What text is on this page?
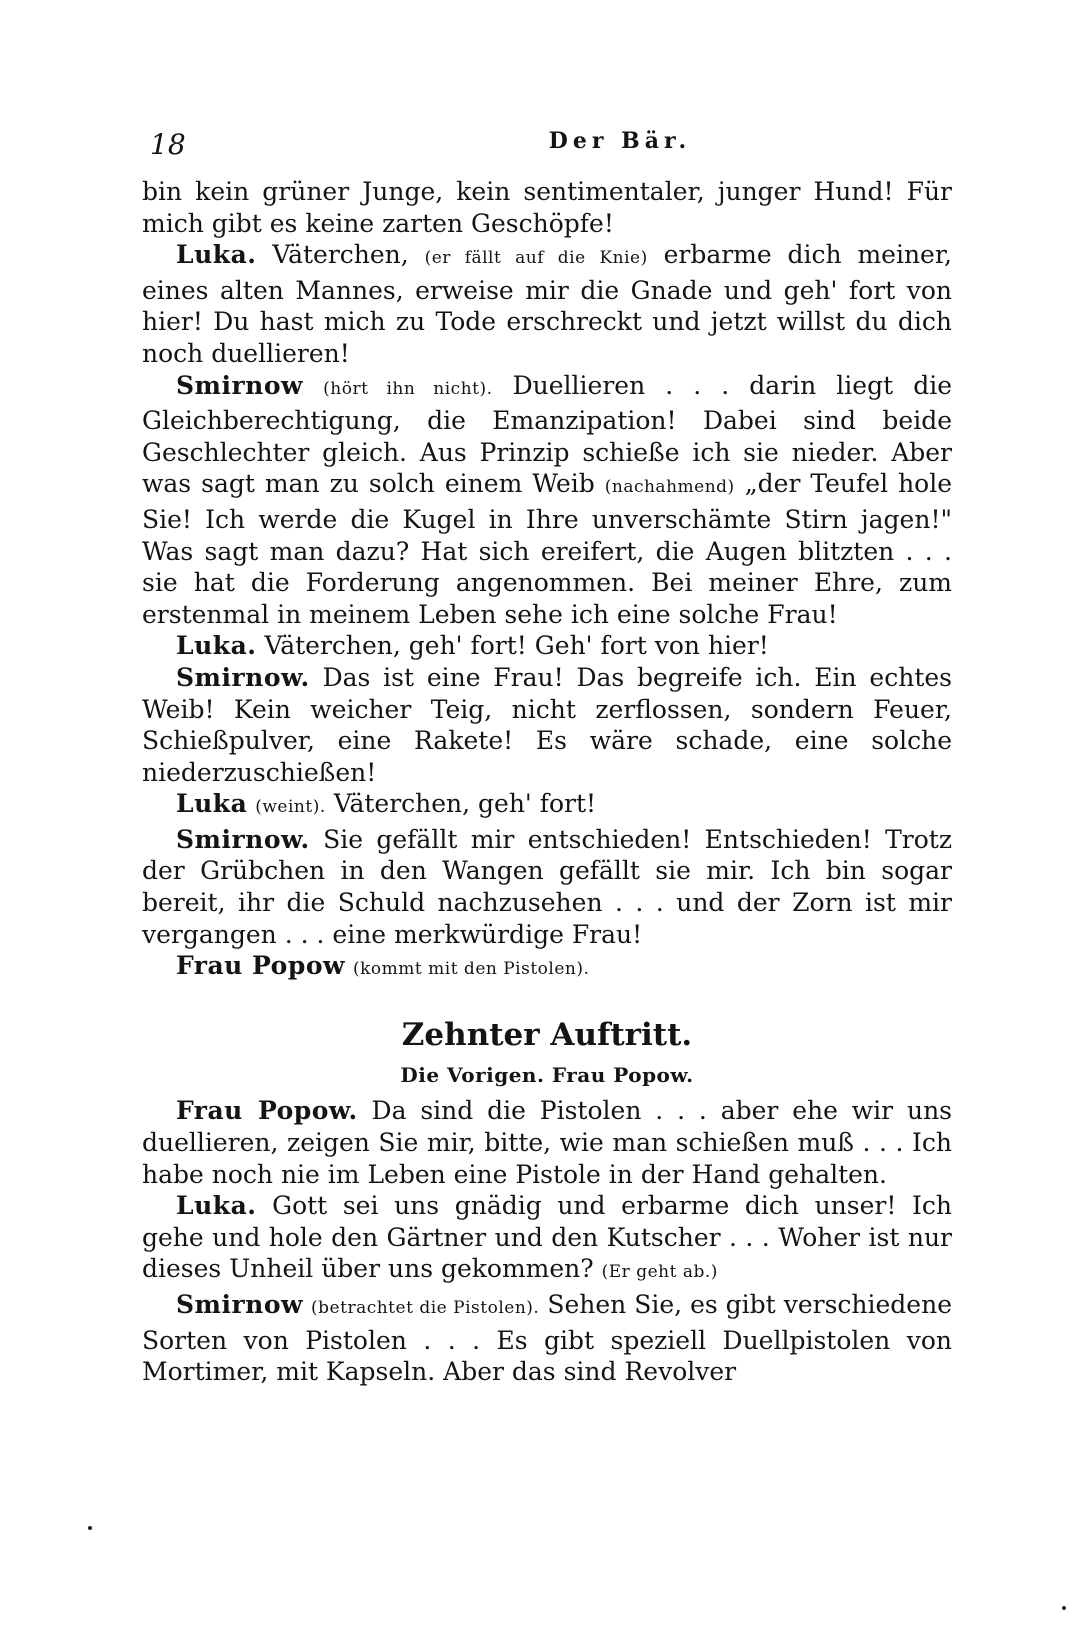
18	Der Bär.

bin kein grüner Junge, kein sentimentaler, junger Hund! Für mich gibt es keine zarten Geschöpfe!

Luka. Väterchen, (er fällt auf die Knie) erbarme dich meiner, eines alten Mannes, erweise mir die Gnade und geh' fort von hier! Du hast mich zu Tode erschreckt und jetzt willst du dich noch duellieren!

Smirnow (hört ihn nicht). Duellieren . . . darin liegt die Gleichberechtigung, die Emanzipation! Dabei sind beide Geschlechter gleich. Aus Prinzip schieße ich sie nieder. Aber was sagt man zu solch einem Weib (nachahmend) „der Teufel hole Sie! Ich werde die Kugel in Ihre unverschämte Stirn jagen!" Was sagt man dazu? Hat sich ereifert, die Augen blitzten . . . sie hat die Forderung angenommen. Bei meiner Ehre, zum erstenmal in meinem Leben sehe ich eine solche Frau!

Luka. Väterchen, geh' fort! Geh' fort von hier!

Smirnow. Das ist eine Frau! Das begreife ich. Ein echtes Weib! Kein weicher Teig, nicht zerflossen, sondern Feuer, Schießpulver, eine Rakete! Es wäre schade, eine solche niederzuschießen!

Luka (weint). Väterchen, geh' fort!

Smirnow. Sie gefällt mir entschieden! Entschieden! Trotz der Grübchen in den Wangen gefällt sie mir. Ich bin sogar bereit, ihr die Schuld nachzusehen . . . und der Zorn ist mir vergangen . . . eine merkwürdige Frau!

Frau Popow (kommt mit den Pistolen).

Zehnter Auftritt.
Die Vorigen. Frau Popow.

Frau Popow. Da sind die Pistolen . . . aber ehe wir uns duellieren, zeigen Sie mir, bitte, wie man schießen muß . . . Ich habe noch nie im Leben eine Pistole in der Hand gehalten.

Luka. Gott sei uns gnädig und erbarme dich unser! Ich gehe und hole den Gärtner und den Kutscher . . . Woher ist nur dieses Unheil über uns gekommen? (Er geht ab.)

Smirnow (betrachtet die Pistolen). Sehen Sie, es gibt verschiedene Sorten von Pistolen . . . Es gibt speziell Duellpistolen von Mortimer, mit Kapseln. Aber das sind Revolver
